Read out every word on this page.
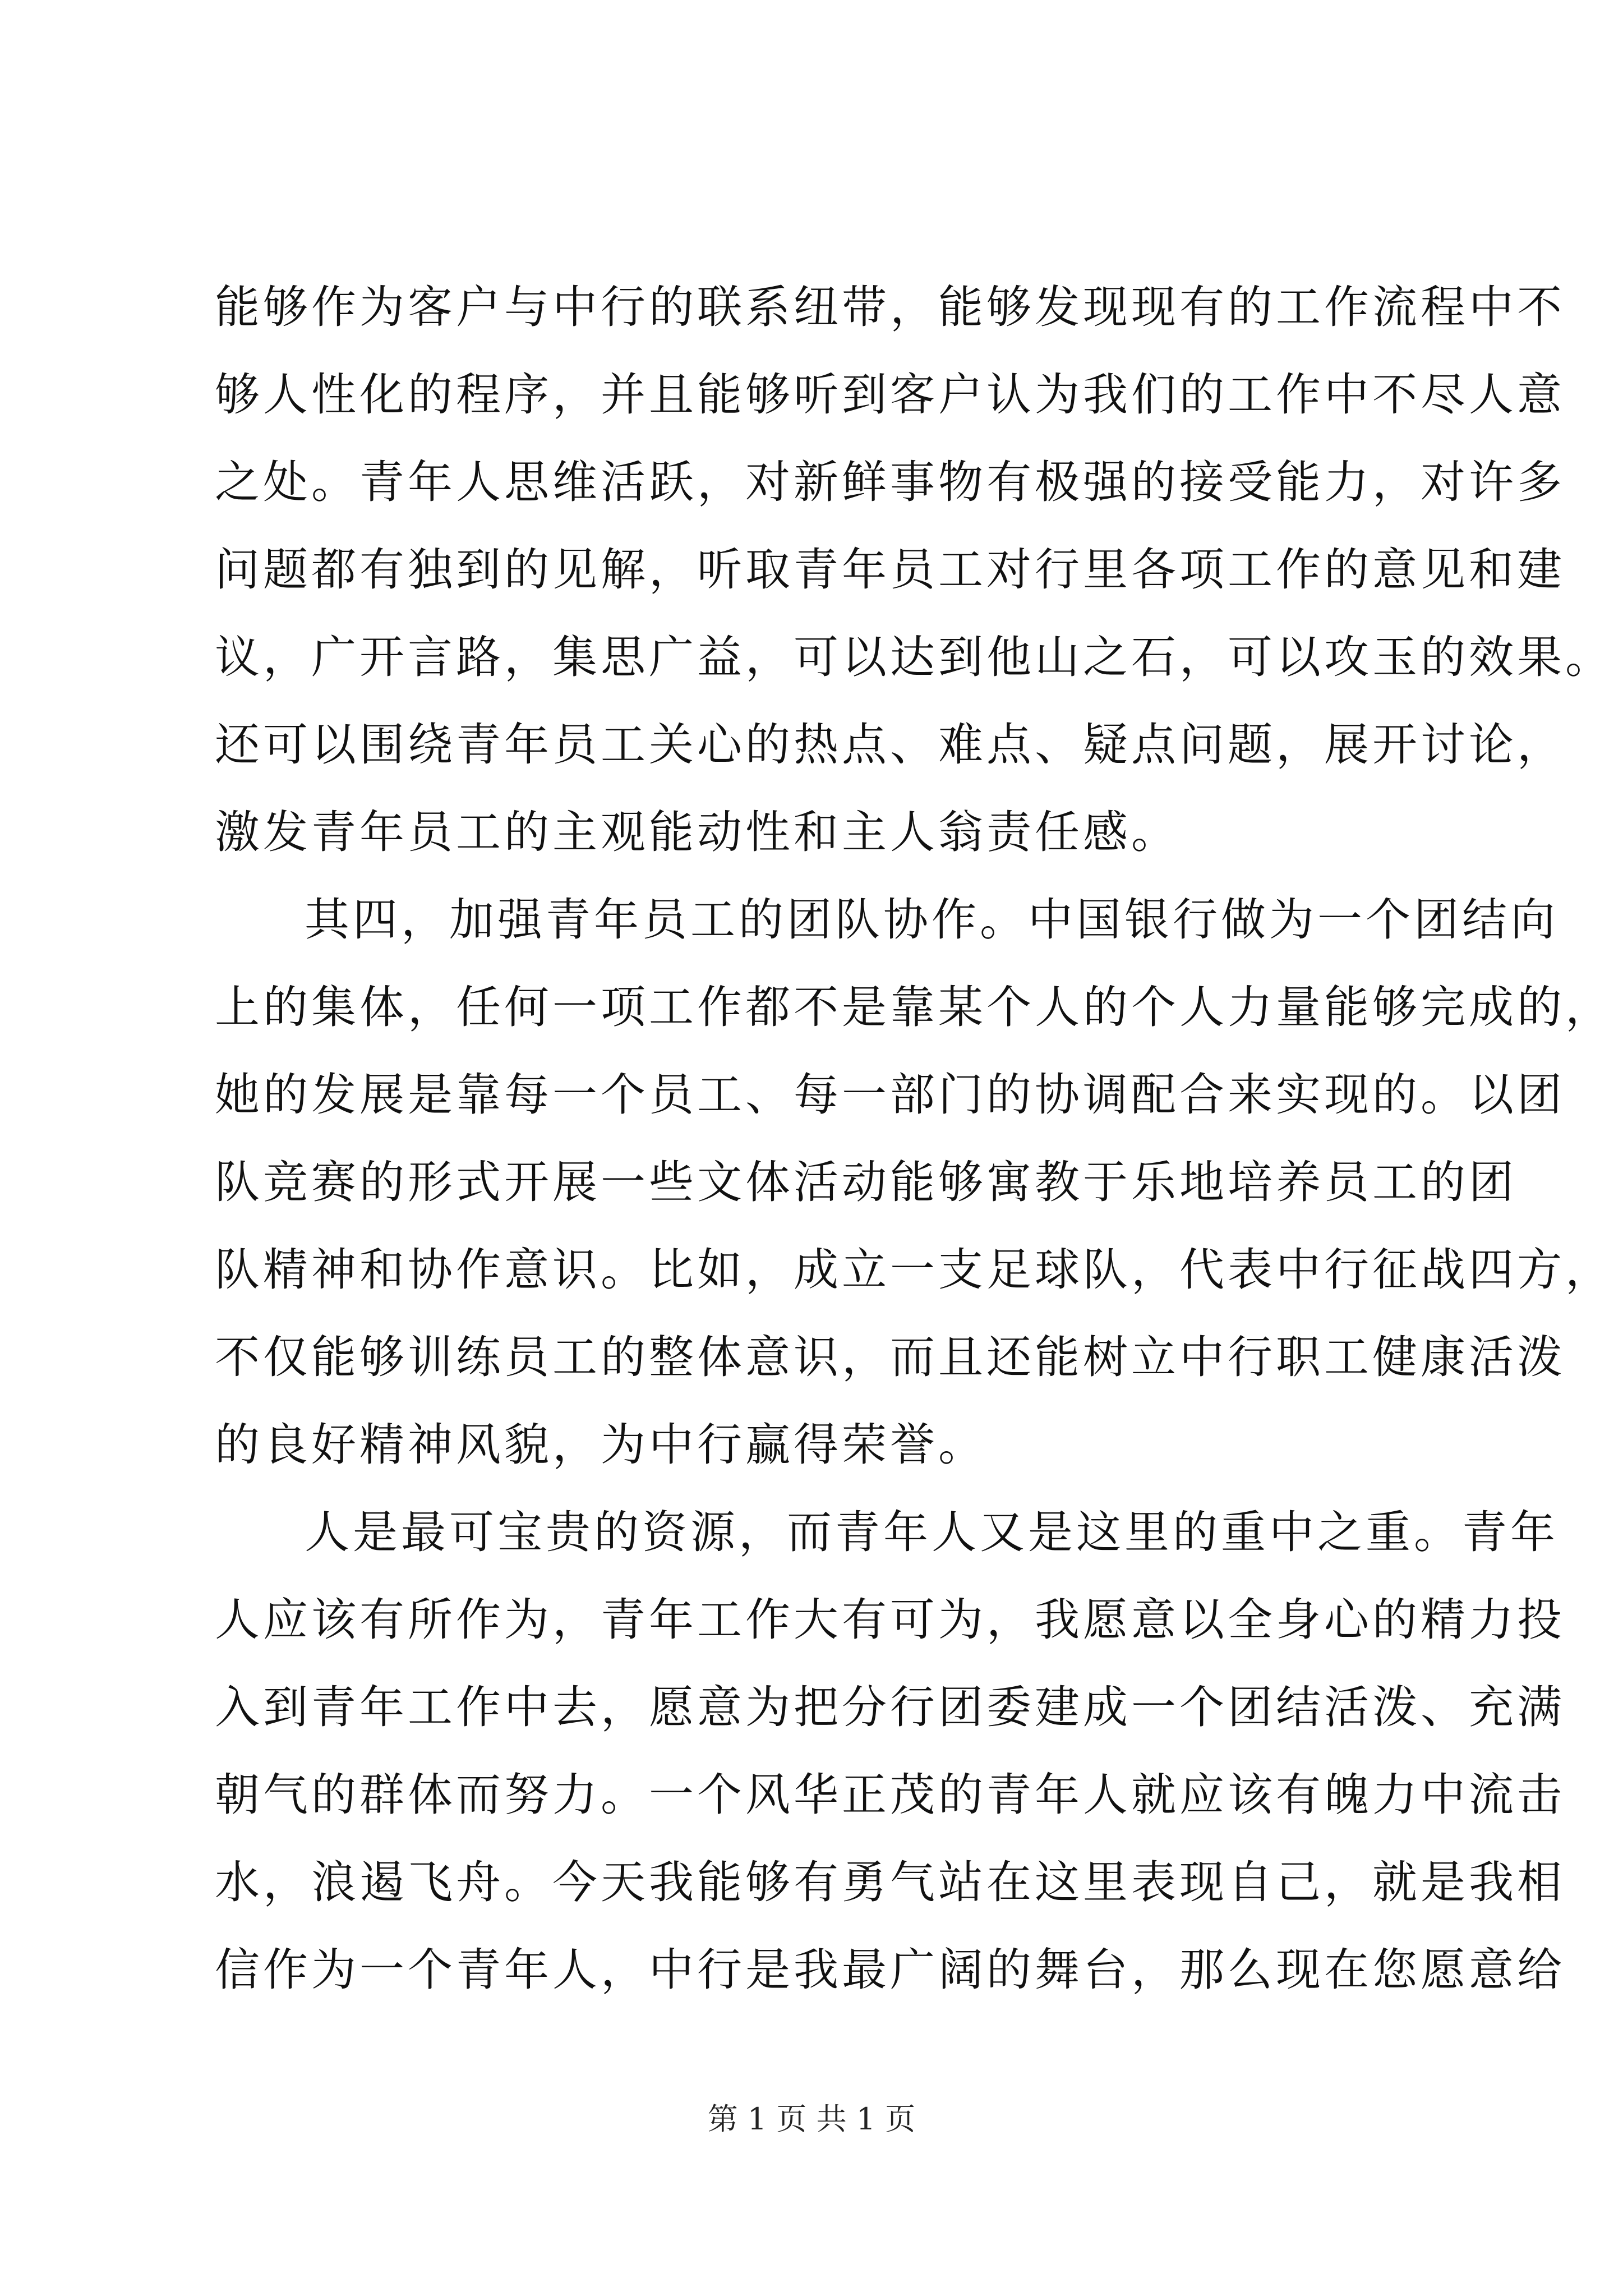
能够作为客户与中行的联系纽带，能够发现现有的工作流程中不
够人性化的程序，并且能够听到客户认为我们的工作中不尽人意
之处。青年人思维活跃，对新鲜事物有极强的接受能力，对许多
问题都有独到的见解，听取青年员工对行里各项工作的意见和建
议，广开言路，集思广益，可以达到他山之石，可以攻玉的效果。
还可以围绕青年员工关心的热点、难点、疑点问题，展开讨论，
激发青年员工的主观能动性和主人翁责任感。
其四，加强青年员工的团队协作。中国银行做为一个团结向
上的集体，任何一项工作都不是靠某个人的个人力量能够完成的，
她的发展是靠每一个员工、每一部门的协调配合来实现的。以团
队竞赛的形式开展一些文体活动能够寓教于乐地培养员工的团
队精神和协作意识。比如，成立一支足球队，代表中行征战四方，
不仅能够训练员工的整体意识，而且还能树立中行职工健康活泼
的良好精神风貌，为中行赢得荣誉。
人是最可宝贵的资源，而青年人又是这里的重中之重。青年
人应该有所作为，青年工作大有可为，我愿意以全身心的精力投
入到青年工作中去，愿意为把分行团委建成一个团结活泼、充满
朝气的群体而努力。一个风华正茂的青年人就应该有魄力中流击
水，浪遏飞舟。今天我能够有勇气站在这里表现自己，就是我相
信作为一个青年人，中行是我最广阔的舞台，那么现在您愿意给
第 1 页 共 1 页
